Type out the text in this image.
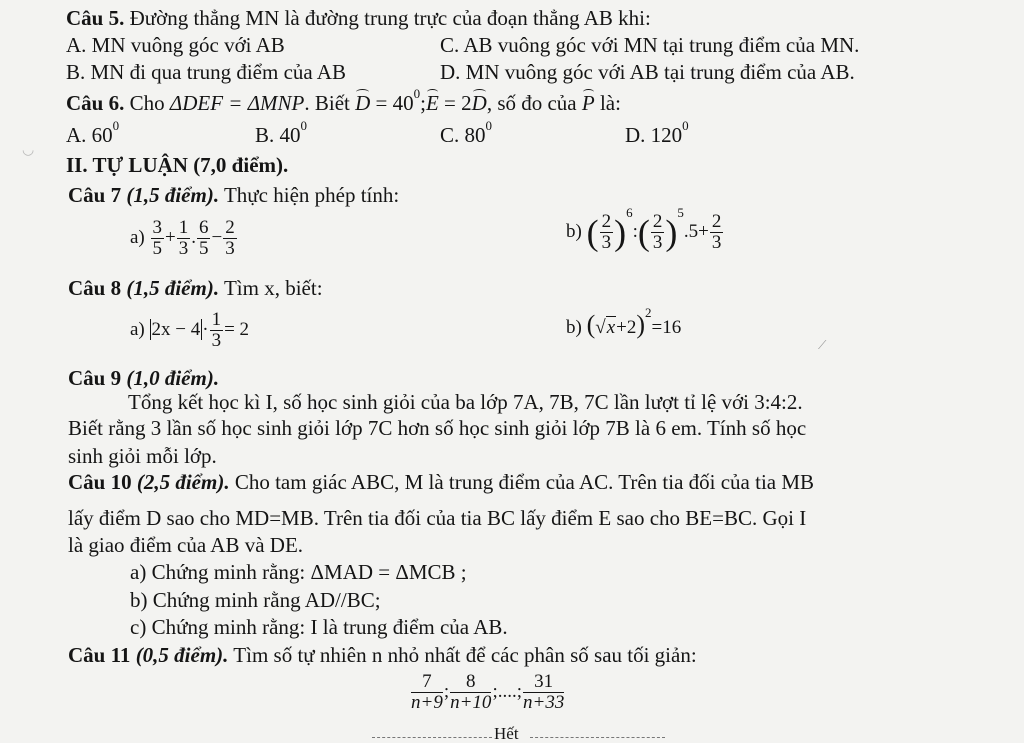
Câu 5. Đường thẳng MN là đường trung trực của đoạn thẳng AB khi:
A. MN vuông góc với AB	C. AB vuông góc với MN tại trung điểm của MN.
B. MN đi qua trung điểm của AB	D. MN vuông góc với AB tại trung điểm của AB.
Câu 6. Cho ΔDEF = ΔMNP. Biết $D = 40^0;E = 2D$, số đo của P là:
A. $60^0$	B. $40^0$	C. $80^0$	D. $120^0$
◡
II. TỰ LUẬN (7,0 điểm).
Câu 7 (1,5 điểm). Thực hiện phép tính:
$a) \frac{3}{5} + \frac{1}{3}$ . $\frac{6}{5} - \frac{2}{3}$	b) ( $\frac{2}{3}$ )$^6$:( $\frac{2}{3} )^5.5+ \frac{2}{3}$
Câu 8 (1,5 điểm). Tìm x, biết:
a) $2x - 4 \cdot \frac{1}{3} = 2$	b) $(√x+2)^2=16$
⟋
Câu 9 (1,0 điểm).
Tổng kết học kì I, số học sinh giỏi của ba lớp 7A, 7B, 7C lần lượt tỉ lệ với 3:4:2.
Biết rằng 3 lần số học sinh giỏi lớp 7C hơn số học sinh giỏi lớp 7B là 6 em. Tính số học
sinh giỏi mỗi lớp.
Câu 10 (2,5 điểm). Cho tam giác ABC, M là trung điểm của AC. Trên tia đối của tia MB
lấy điểm D sao cho MD=MB. Trên tia đối của tia BC lấy điểm E sao cho BE=BC. Gọi I
là giao điểm của AB và DE.
a) Chứng minh rằng: ΔMAD = ΔMCB ;
b) Chứng minh rằng AD//BC;
c) Chứng minh rằng: I là trung điểm của AB.
Câu 11 (0,5 điểm). Tìm số tự nhiên n nhỏ nhất để các phân số sau tối giản:
$\frac{7}{n+9}$ ; $\frac{8}{n+10}$ ;....; $\frac{31}{n+33}$
Hết
